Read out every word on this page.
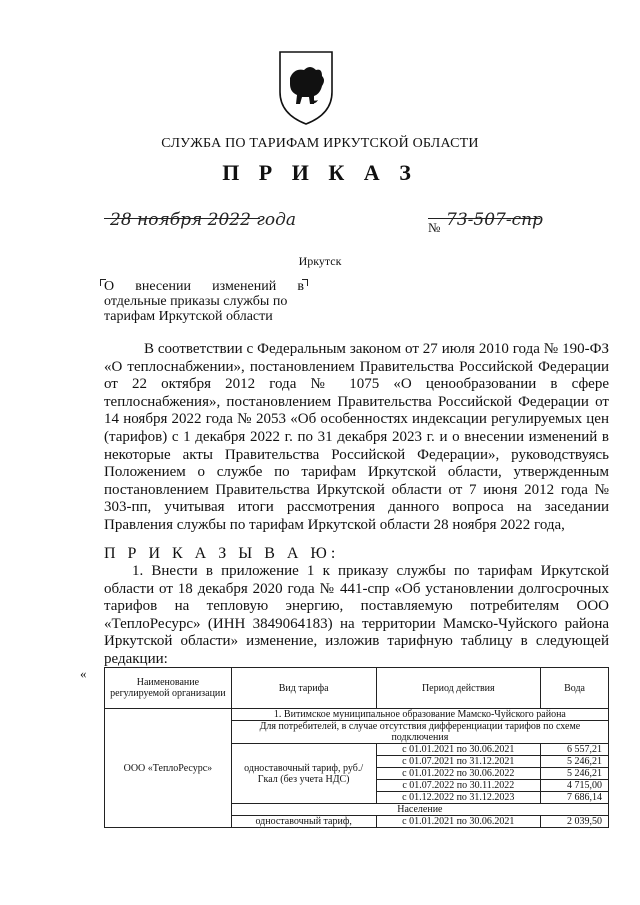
СЛУЖБА ПО ТАРИФАМ ИРКУТСКОЙ ОБЛАСТИ
П Р И К А З
28 ноября 2022 года	№ 73-507-спр
Иркутск
О внесении изменений в
отдельные приказы службы по
тарифам Иркутской области

В соответствии с Федеральным законом от 27 июля 2010 года № 190-ФЗ «О теплоснабжении», постановлением Правительства Российской Федерации от 22 октября 2012 года № 1075 «О ценообразовании в сфере теплоснабжения», постановлением Правительства Российской Федерации от 14 ноября 2022 года № 2053 «Об особенностях индексации регулируемых цен (тарифов) с 1 декабря 2022 г. по 31 декабря 2023 г. и о внесении изменений в некоторые акты Правительства Российской Федерации», руководствуясь Положением о службе по тарифам Иркутской области, утвержденным постановлением Правительства Иркутской области от 7 июня 2012 года № 303-пп, учитывая итоги рассмотрения данного вопроса на заседании Правления службы по тарифам Иркутской области 28 ноября 2022 года,

П Р И К А З Ы В А Ю:

1. Внести в приложение 1 к приказу службы по тарифам Иркутской области от 18 декабря 2020 года № 441-спр «Об установлении долгосрочных тарифов на тепловую энергию, поставляемую потребителям ООО «ТеплоРесурс» (ИНН 3849064183) на территории Мамско-Чуйского района Иркутской области» изменение, изложив тарифную таблицу в следующей редакции:

«
Наименование регулируемой организации	Вид тарифа	Период действия	Вода
ООО «ТеплоРесурс»	1. Витимское муниципальное образование Мамско-Чуйского района		
	Для потребителей, в случае отсутствия дифференциации тарифов по схеме подключения		
	одноставочный тариф, руб./Гкал (без учета НДС)	с 01.01.2021 по 30.06.2021	6 557,21
		с 01.07.2021 по 31.12.2021	5 246,21
		с 01.01.2022 по 30.06.2022	5 246,21
		с 01.07.2022 по 30.11.2022	4 715,00
		с 01.12.2022 по 31.12.2023	7 686,14
	Население		
	одноставочный тариф,	с 01.01.2021 по 30.06.2021	2 039,50
